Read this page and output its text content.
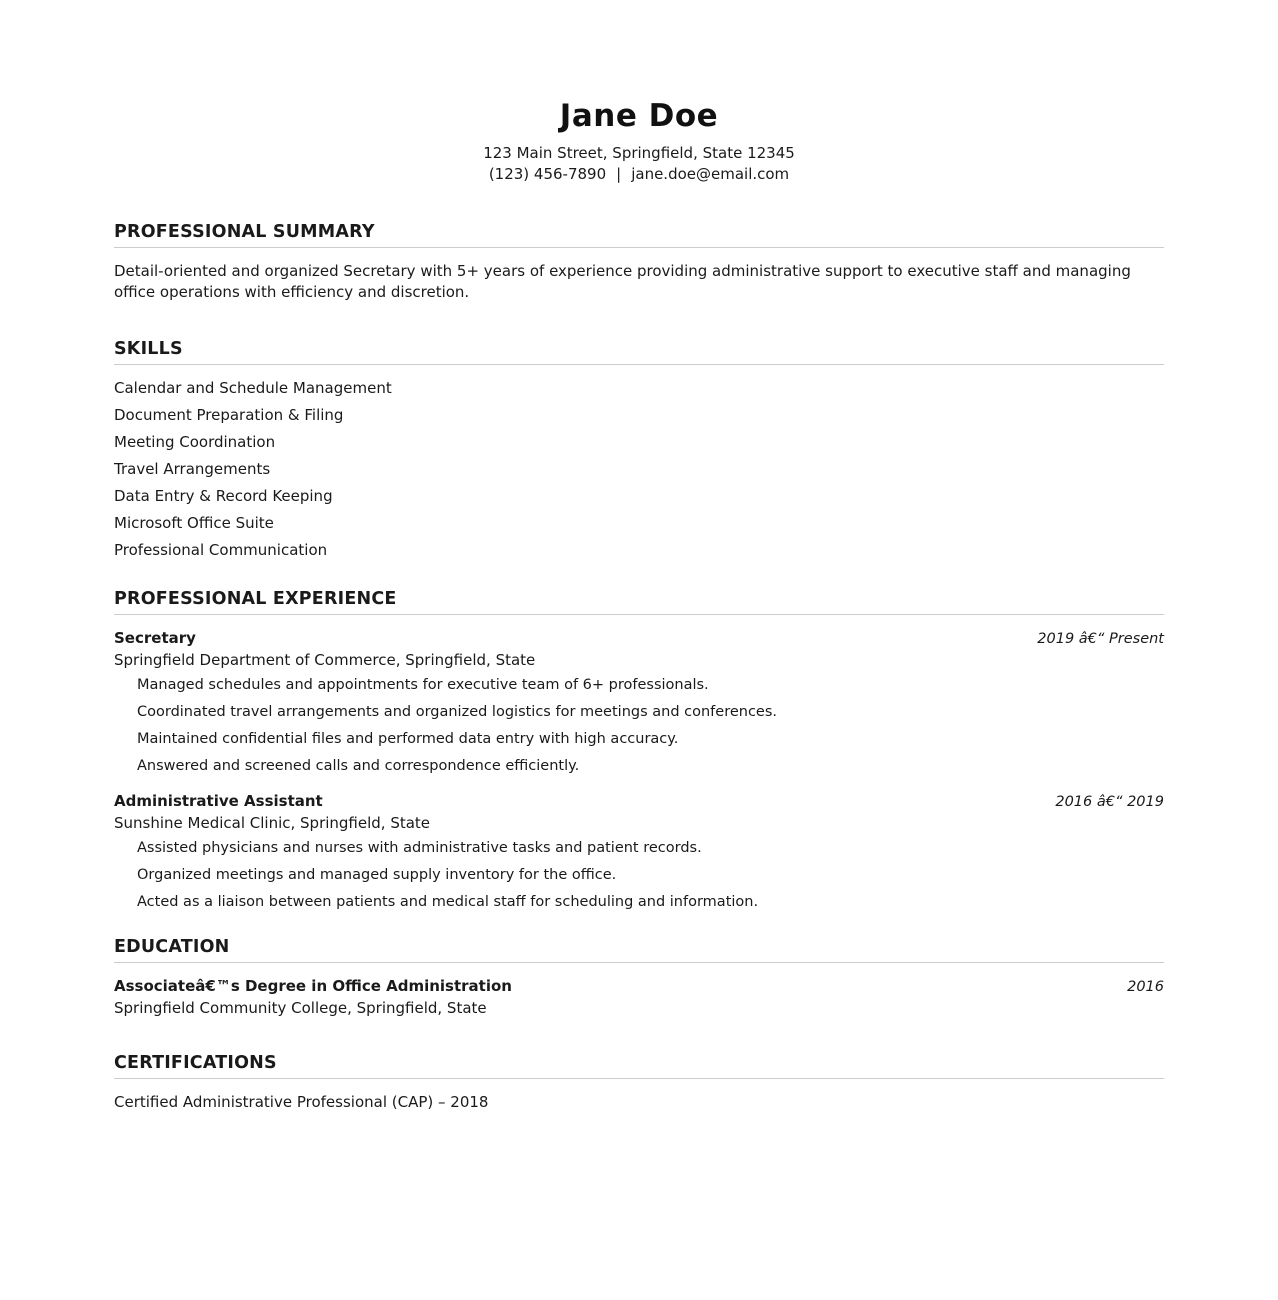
Jane Doe
123 Main Street, Springfield, State 12345
(123) 456-7890 | jane.doe@email.com
PROFESSIONAL SUMMARY

Detail-oriented and organized Secretary with 5+ years of experience providing administrative support to executive staff and managing office operations with efficiency and discretion.

SKILLS
Calendar and Schedule Management
Document Preparation & Filing
Meeting Coordination
Travel Arrangements
Data Entry & Record Keeping
Microsoft Office Suite
Professional Communication
PROFESSIONAL EXPERIENCE
Secretary	2019 â€“ Present
Springfield Department of Commerce, Springfield, State
Managed schedules and appointments for executive team of 6+ professionals.
Coordinated travel arrangements and organized logistics for meetings and conferences.
Maintained confidential files and performed data entry with high accuracy.
Answered and screened calls and correspondence efficiently.
Administrative Assistant	2016 â€“ 2019
Sunshine Medical Clinic, Springfield, State
Assisted physicians and nurses with administrative tasks and patient records.
Organized meetings and managed supply inventory for the office.
Acted as a liaison between patients and medical staff for scheduling and information.
EDUCATION
Associateâ€™s Degree in Office Administration	2016
Springfield Community College, Springfield, State
CERTIFICATIONS
Certified Administrative Professional (CAP) – 2018
